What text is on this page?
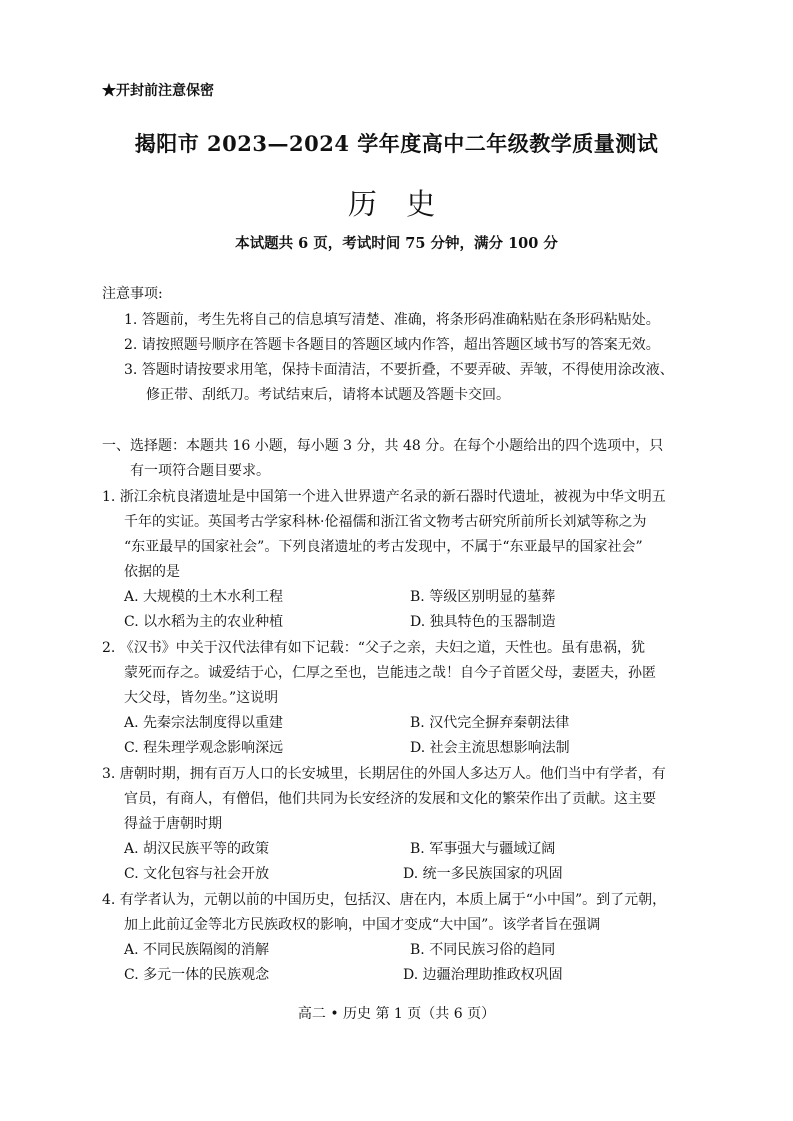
★开封前注意保密
揭阳市 2023—2024 学年度高中二年级教学质量测试
历 史
本试题共 6 页，考试时间 75 分钟，满分 100 分
注意事项:
1. 答题前，考生先将自己的信息填写清楚、准确，将条形码准确粘贴在条形码粘贴处。
2. 请按照题号顺序在答题卡各题目的答题区域内作答，超出答题区域书写的答案无效。
3. 答题时请按要求用笔，保持卡面清洁，不要折叠，不要弄破、弄皱，不得使用涂改液、
修正带、刮纸刀。考试结束后，请将本试题及答题卡交回。
一、选择题：本题共 16 小题，每小题 3 分，共 48 分。在每个小题给出的四个选项中，只
有一项符合题目要求。
1. 浙江余杭良渚遗址是中国第一个进入世界遗产名录的新石器时代遗址，被视为中华文明五
千年的实证。英国考古学家科林·伦福儒和浙江省文物考古研究所前所长刘斌等称之为
“东亚最早的国家社会”。下列良渚遗址的考古发现中，不属于“东亚最早的国家社会”
依据的是
A. 大规模的土木水利工程	B. 等级区别明显的墓葬
C. 以水稻为主的农业种植	D. 独具特色的玉器制造
2. 《汉书》中关于汉代法律有如下记载：“父子之亲，夫妇之道，天性也。虽有患祸，犹
蒙死而存之。诚爱结于心，仁厚之至也，岂能违之哉！自今子首匿父母，妻匿夫，孙匿
大父母，皆勿坐。”这说明
A. 先秦宗法制度得以重建	B. 汉代完全摒弃秦朝法律
C. 程朱理学观念影响深远	D. 社会主流思想影响法制
3. 唐朝时期，拥有百万人口的长安城里，长期居住的外国人多达万人。他们当中有学者，有
官员，有商人，有僧侣，他们共同为长安经济的发展和文化的繁荣作出了贡献。这主要
得益于唐朝时期
A. 胡汉民族平等的政策	B. 军事强大与疆域辽阔
C. 文化包容与社会开放	D. 统一多民族国家的巩固
4. 有学者认为，元朝以前的中国历史，包括汉、唐在内，本质上属于“小中国”。到了元朝，
加上此前辽金等北方民族政权的影响，中国才变成“大中国”。该学者旨在强调
A. 不同民族隔阂的消解	B. 不同民族习俗的趋同
C. 多元一体的民族观念	D. 边疆治理助推政权巩固
高二 • 历史 第 1 页（共 6 页）
